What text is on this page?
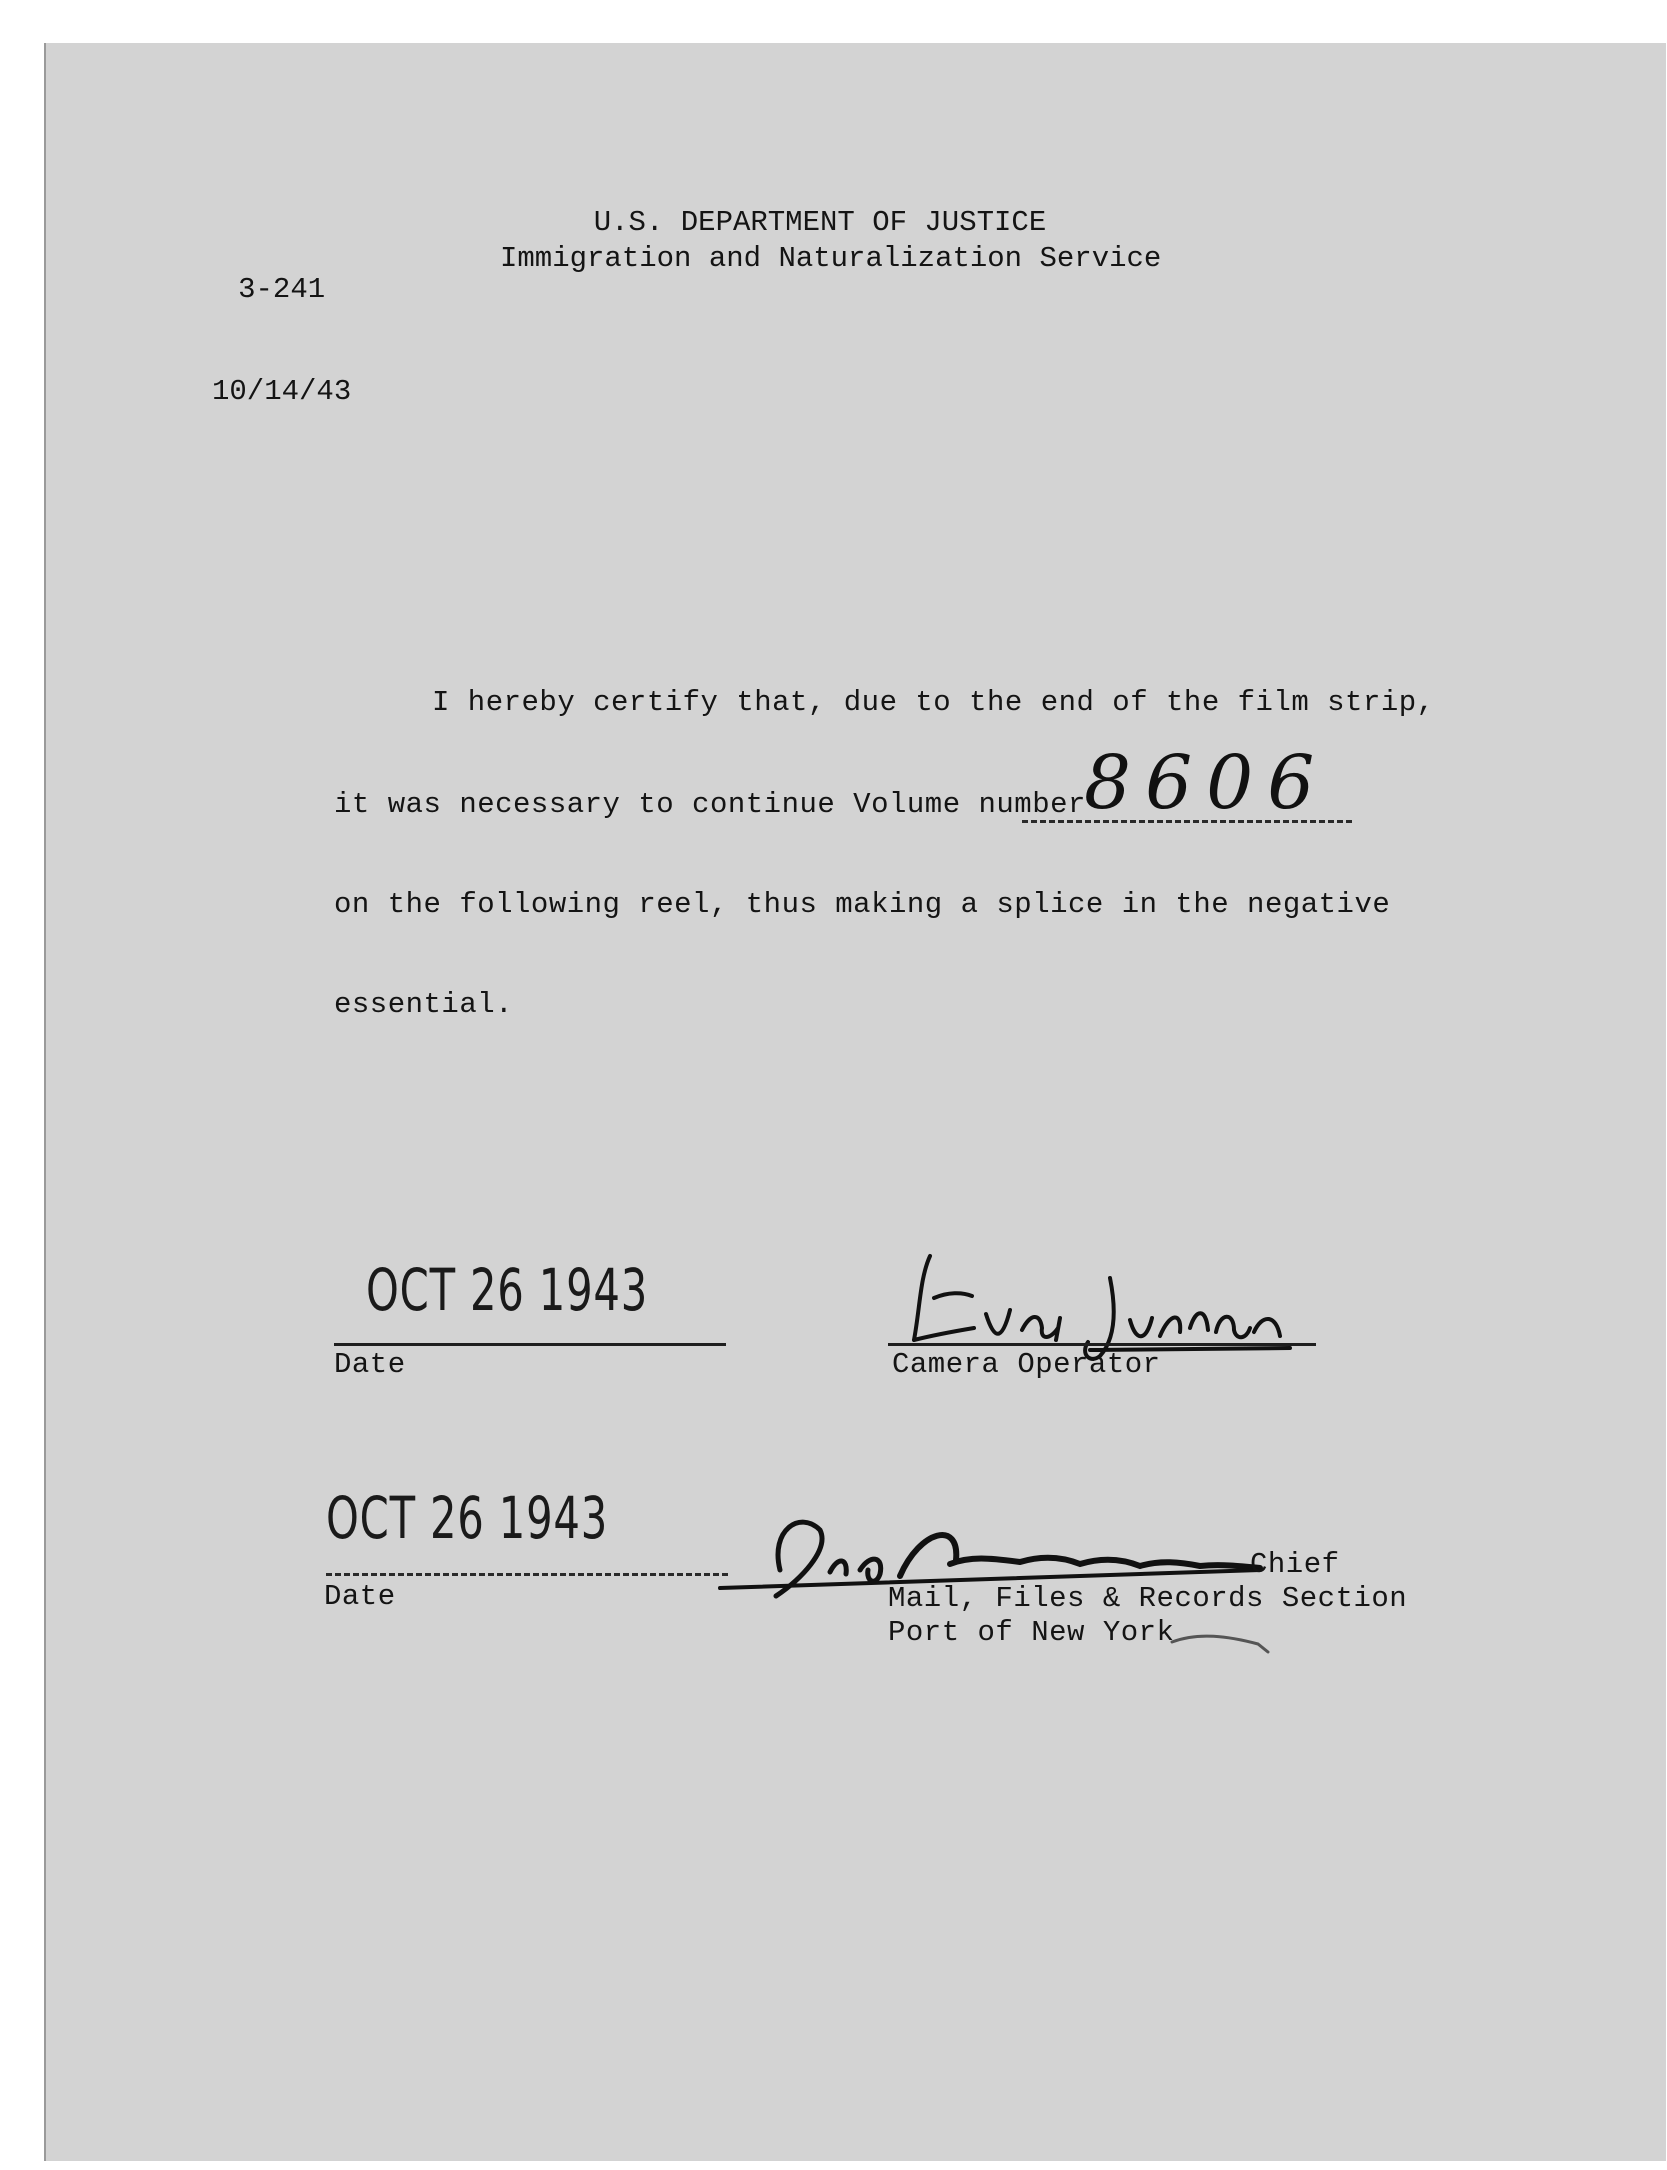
3-241

10/14/43

U.S. DEPARTMENT OF JUSTICE
Immigration and Naturalization Service
I hereby certify that, due to the end of the film strip,
it was necessary to continue Volume number
8606
on the following reel, thus making a splice in the negative
essential.
OCT 26 1943
Date	Camera Operator
OCT 26 1943
Date
Chief
Mail, Files & Records Section
Port of New York
